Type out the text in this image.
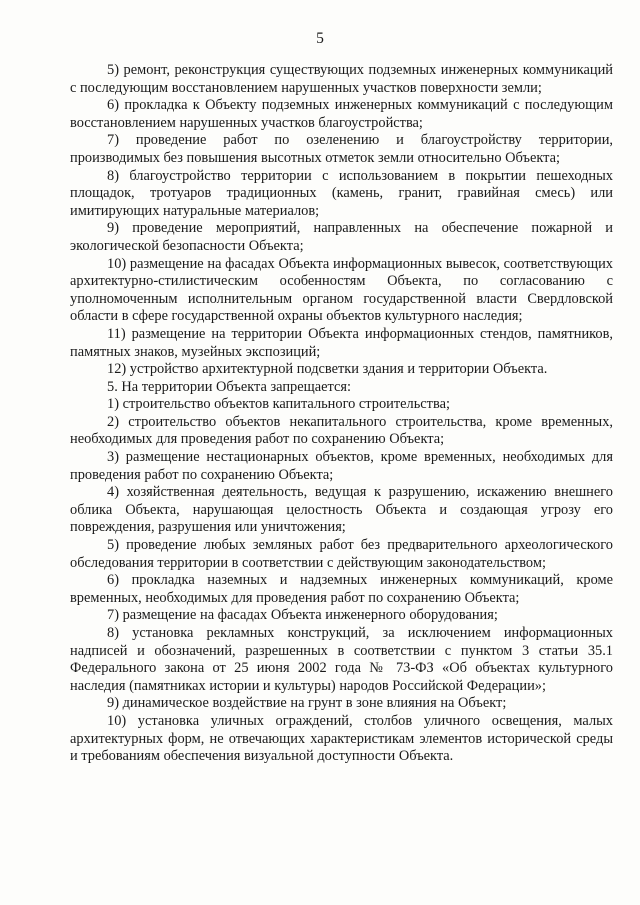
5

5) ремонт, реконструкция существующих подземных инженерных коммуникаций с последующим восстановлением нарушенных участков поверхности земли;

6) прокладка к Объекту подземных инженерных коммуникаций с последующим восстановлением нарушенных участков благоустройства;

7) проведение работ по озеленению и благоустройству территории, производимых без повышения высотных отметок земли относительно Объекта;

8) благоустройство территории с использованием в покрытии пешеходных площадок, тротуаров традиционных (камень, гранит, гравийная смесь) или имитирующих натуральные материалов;

9) проведение мероприятий, направленных на обеспечение пожарной и экологической безопасности Объекта;

10) размещение на фасадах Объекта информационных вывесок, соответствующих архитектурно-стилистическим особенностям Объекта, по согласованию с уполномоченным исполнительным органом государственной власти Свердловской области в сфере государственной охраны объектов культурного наследия;

11) размещение на территории Объекта информационных стендов, памятников, памятных знаков, музейных экспозиций;

12) устройство архитектурной подсветки здания и территории Объекта.

5. На территории Объекта запрещается:

1) строительство объектов капитального строительства;

2) строительство объектов некапитального строительства, кроме временных, необходимых для проведения работ по сохранению Объекта;

3) размещение нестационарных объектов, кроме временных, необходимых для проведения работ по сохранению Объекта;

4) хозяйственная деятельность, ведущая к разрушению, искажению внешнего облика Объекта, нарушающая целостность Объекта и создающая угрозу его повреждения, разрушения или уничтожения;

5) проведение любых земляных работ без предварительного археологического обследования территории в соответствии с действующим законодательством;

6) прокладка наземных и надземных инженерных коммуникаций, кроме временных, необходимых для проведения работ по сохранению Объекта;

7) размещение на фасадах Объекта инженерного оборудования;

8) установка рекламных конструкций, за исключением информационных надписей и обозначений, разрешенных в соответствии с пунктом 3 статьи 35.1 Федерального закона от 25 июня 2002 года № 73-ФЗ «Об объектах культурного наследия (памятниках истории и культуры) народов Российской Федерации»;

9) динамическое воздействие на грунт в зоне влияния на Объект;

10) установка уличных ограждений, столбов уличного освещения, малых архитектурных форм, не отвечающих характеристикам элементов исторической среды и требованиям обеспечения визуальной доступности Объекта.
